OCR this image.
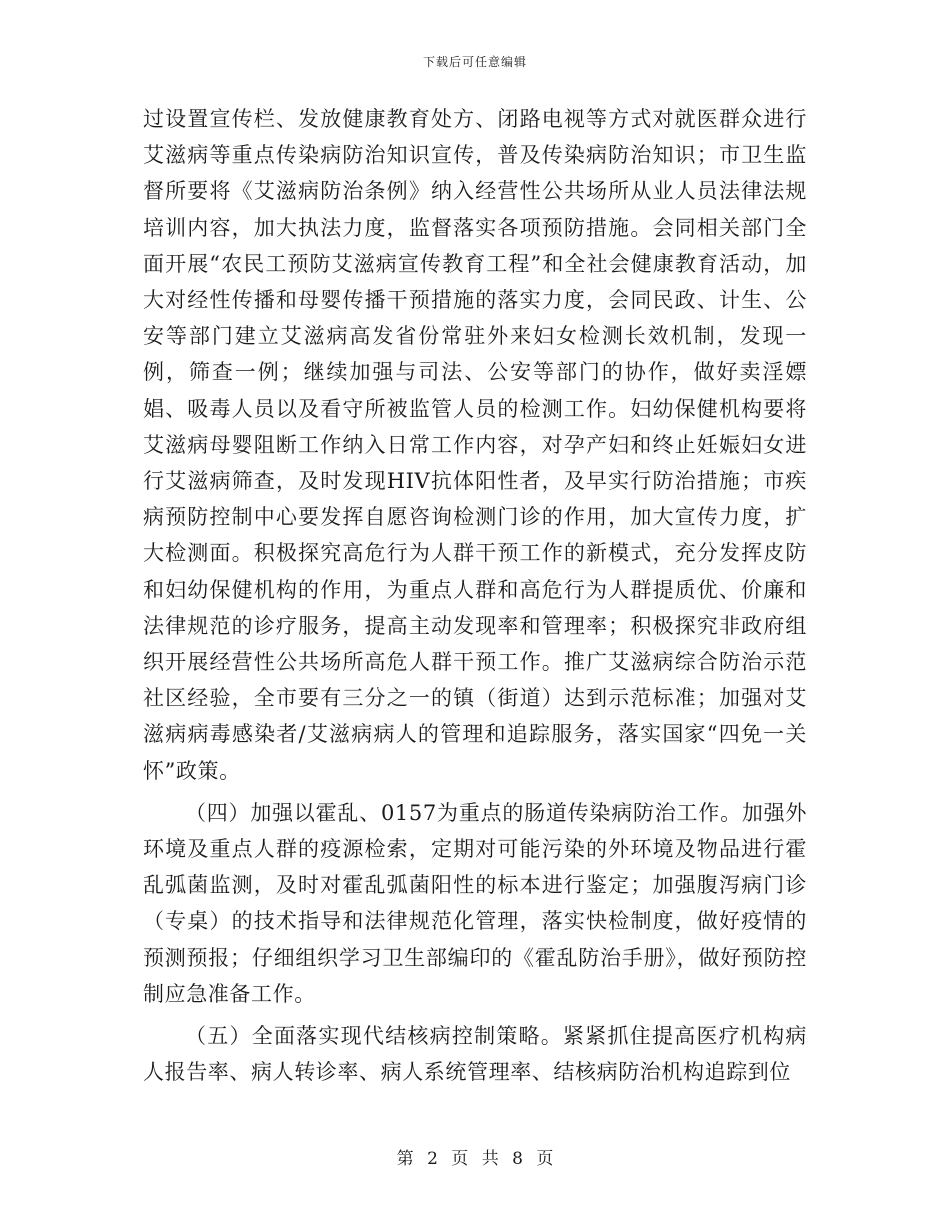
下载后可任意编辑

过设置宣传栏、发放健康教育处方、闭路电视等方式对就医群众进行艾滋病等重点传染病防治知识宣传，普及传染病防治知识；市卫生监督所要将《艾滋病防治条例》纳入经营性公共场所从业人员法律法规培训内容，加大执法力度，监督落实各项预防措施。会同相关部门全面开展“农民工预防艾滋病宣传教育工程”和全社会健康教育活动，加大对经性传播和母婴传播干预措施的落实力度，会同民政、计生、公安等部门建立艾滋病高发省份常驻外来妇女检测长效机制，发现一例，筛查一例；继续加强与司法、公安等部门的协作，做好卖淫嫖娼、吸毒人员以及看守所被监管人员的检测工作。妇幼保健机构要将艾滋病母婴阻断工作纳入日常工作内容，对孕产妇和终止妊娠妇女进行艾滋病筛查，及时发现HIV抗体阳性者，及早实行防治措施；市疾病预防控制中心要发挥自愿咨询检测门诊的作用，加大宣传力度，扩大检测面。积极探究高危行为人群干预工作的新模式，充分发挥皮防和妇幼保健机构的作用，为重点人群和高危行为人群提质优、价廉和法律规范的诊疗服务，提高主动发现率和管理率；积极探究非政府组织开展经营性公共场所高危人群干预工作。推广艾滋病综合防治示范社区经验，全市要有三分之一的镇（街道）达到示范标准；加强对艾滋病病毒感染者/艾滋病病人的管理和追踪服务，落实国家“四免一关怀”政策。

（四）加强以霍乱、0157为重点的肠道传染病防治工作。加强外环境及重点人群的疫源检索，定期对可能污染的外环境及物品进行霍乱弧菌监测，及时对霍乱弧菌阳性的标本进行鉴定；加强腹泻病门诊（专桌）的技术指导和法律规范化管理，落实快检制度，做好疫情的预测预报；仔细组织学习卫生部编印的《霍乱防治手册》，做好预防控制应急准备工作。

（五）全面落实现代结核病控制策略。紧紧抓住提高医疗机构病人报告率、病人转诊率、病人系统管理率、结核病防治机构追踪到位

第 2 页 共 8 页
